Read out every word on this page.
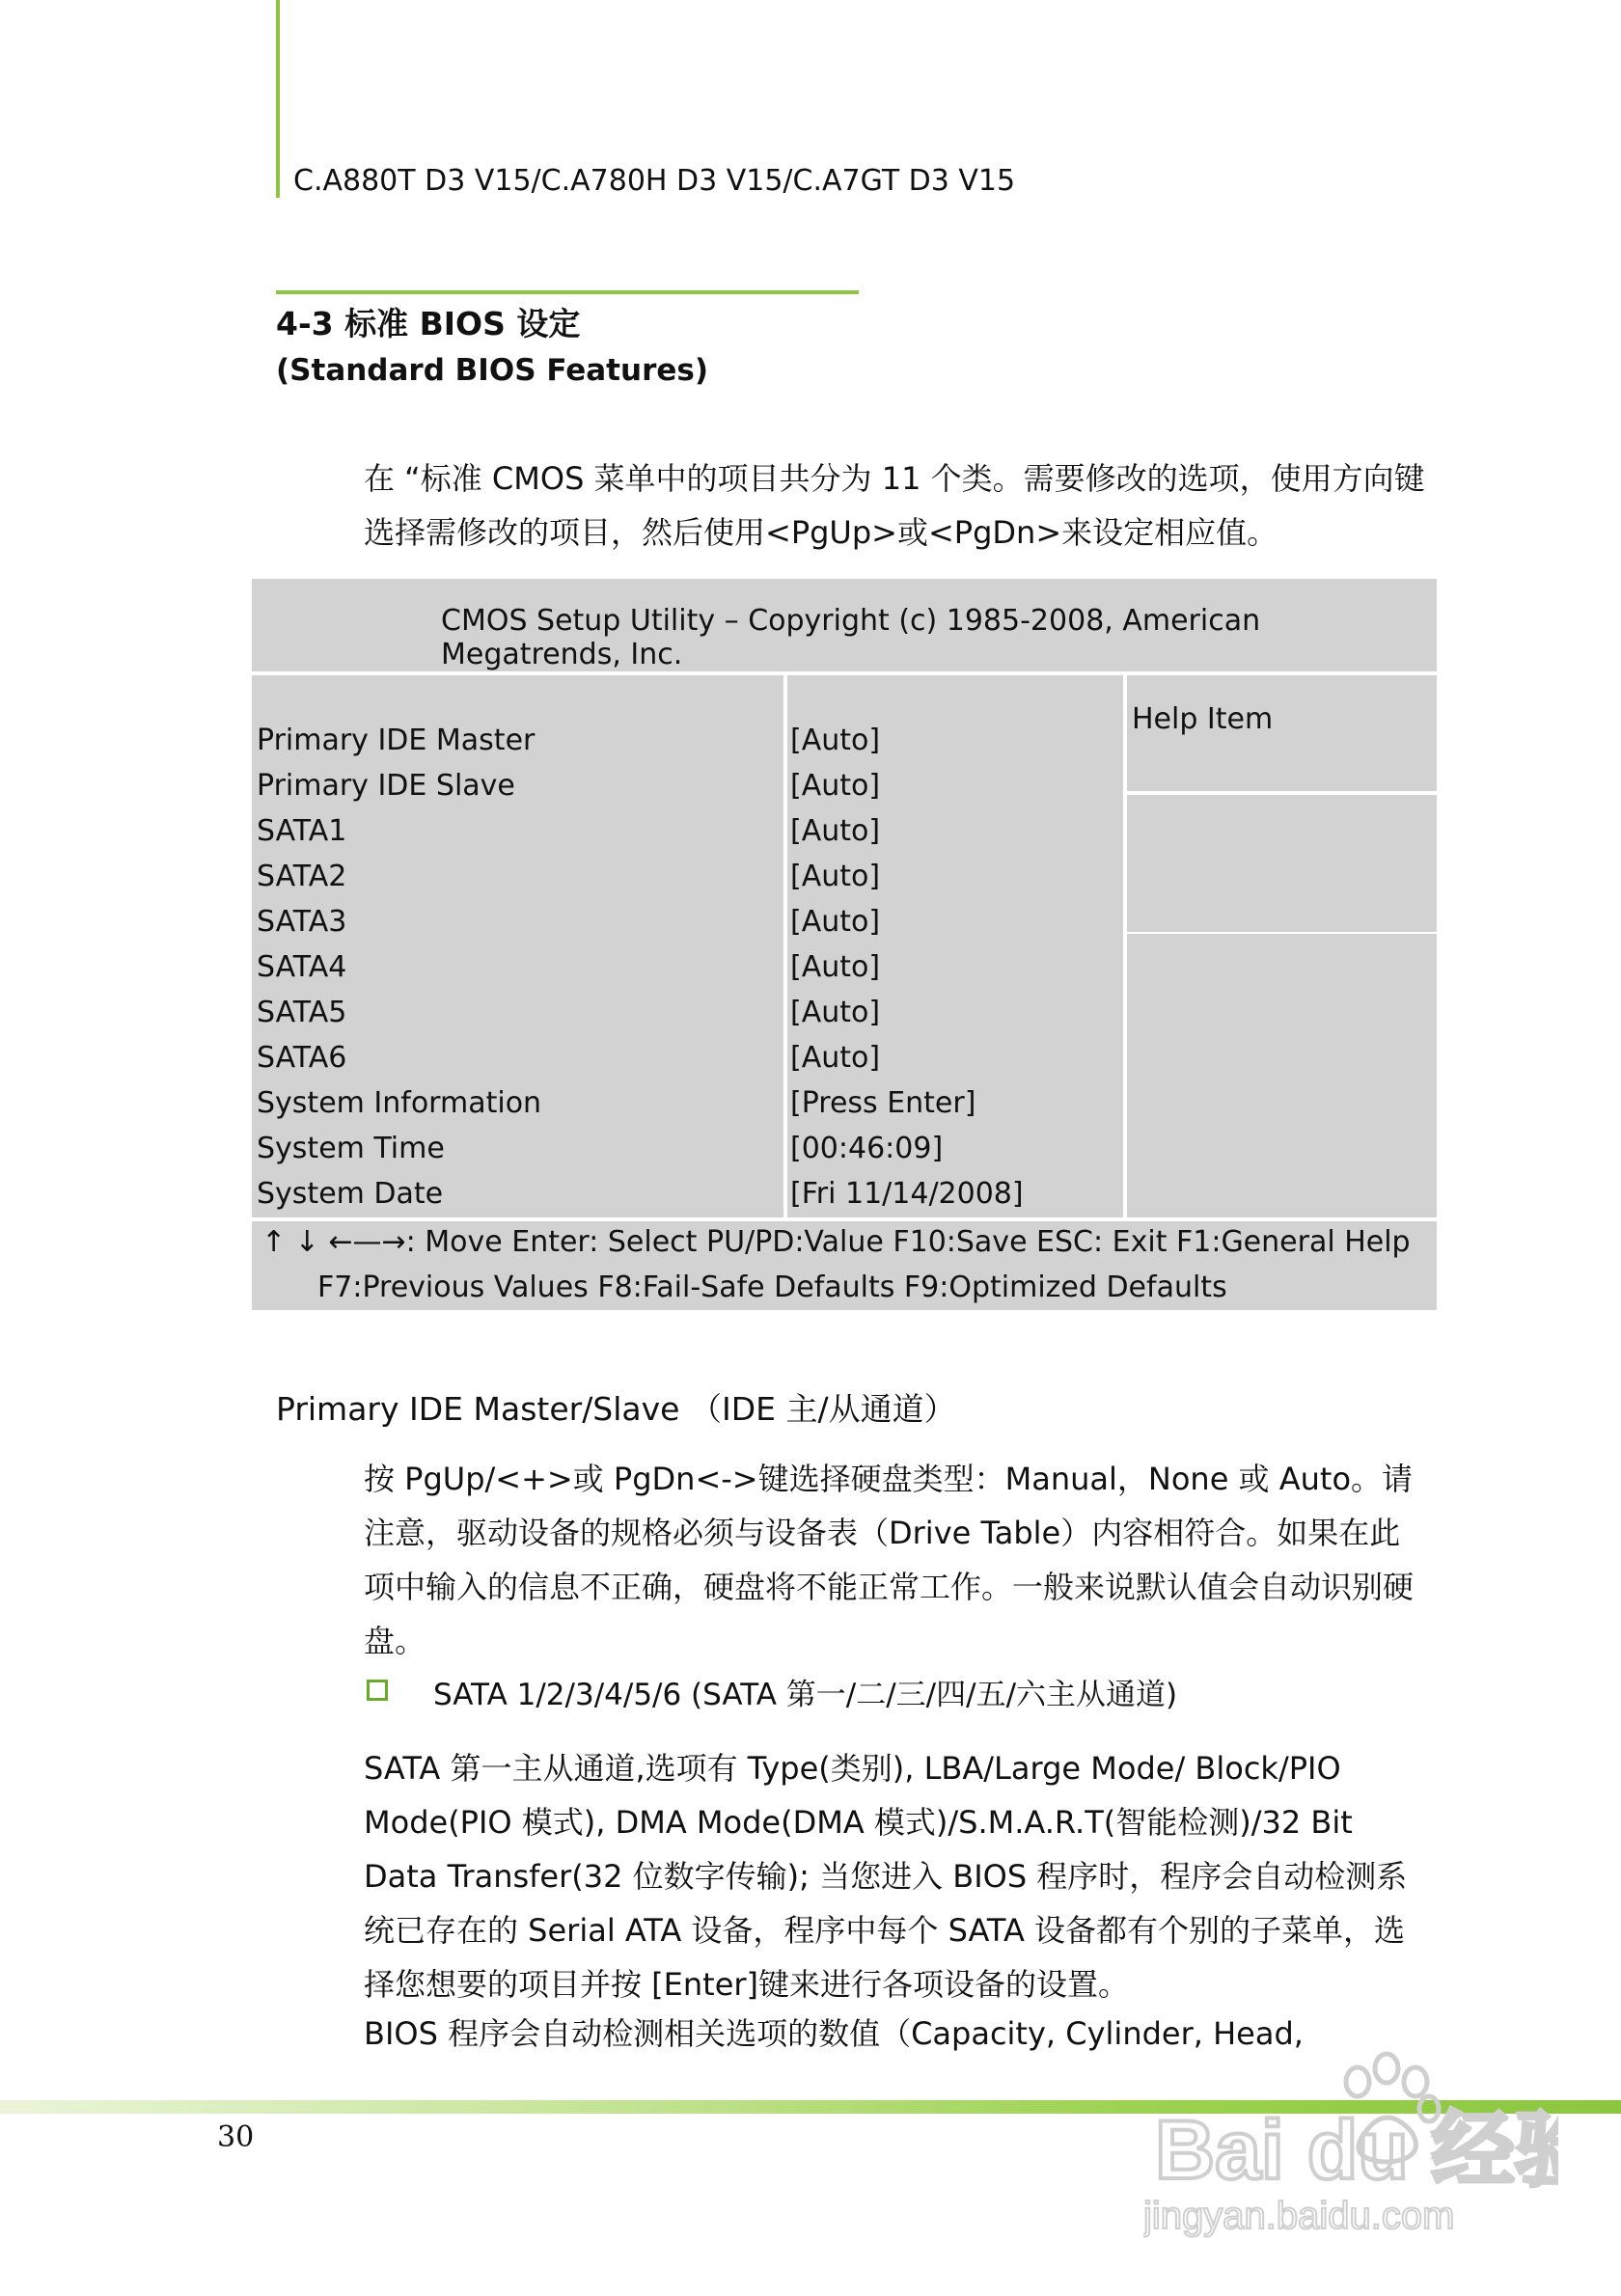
C.A880T D3 V15/C.A780H D3 V15/C.A7GT D3 V15
4-3 标准 BIOS 设定
(Standard BIOS Features)
在 “标准 CMOS 菜单中的项目共分为 11 个类。需要修改的选项，使用方向键选择需修改的项目，然后使用<PgUp>或<PgDn>来设定相应值。
CMOS Setup Utility – Copyright (c) 1985-2008, American Megatrends, Inc.
Help Item
Primary IDE Master	[Auto]
Primary IDE Slave	[Auto]
SATA1	[Auto]
SATA2	[Auto]
SATA3	[Auto]
SATA4	[Auto]
SATA5	[Auto]
SATA6	[Auto]
System Information	[Press Enter]
System Time	[00:46:09]
System Date	[Fri 11/14/2008]
↑ ↓ ←—→: Move Enter: Select PU/PD:Value F10:Save ESC: Exit F1:General Help
F7:Previous Values F8:Fail-Safe Defaults F9:Optimized Defaults
Primary IDE Master/Slave （IDE 主/从通道）
按 PgUp/<+>或 PgDn<->键选择硬盘类型：Manual，None 或 Auto。请注意，驱动设备的规格必须与设备表（Drive Table）内容相符合。如果在此项中输入的信息不正确，硬盘将不能正常工作。一般来说默认值会自动识别硬盘。
SATA 1/2/3/4/5/6 (SATA 第一/二/三/四/五/六主从通道)
SATA 第一主从通道,选项有 Type(类别), LBA/Large Mode/ Block/PIO Mode(PIO 模式), DMA Mode(DMA 模式)/S.M.A.R.T(智能检测)/32 Bit Data Transfer(32 位数字传输); 当您进入 BIOS 程序时，程序会自动检测系统已存在的 Serial ATA 设备，程序中每个 SATA 设备都有个别的子菜单，选择您想要的项目并按 [Enter]键来进行各项设备的设置。
BIOS 程序会自动检测相关选项的数值（Capacity, Cylinder, Head,
30	Bai du 经验
jingyan.baidu.com
